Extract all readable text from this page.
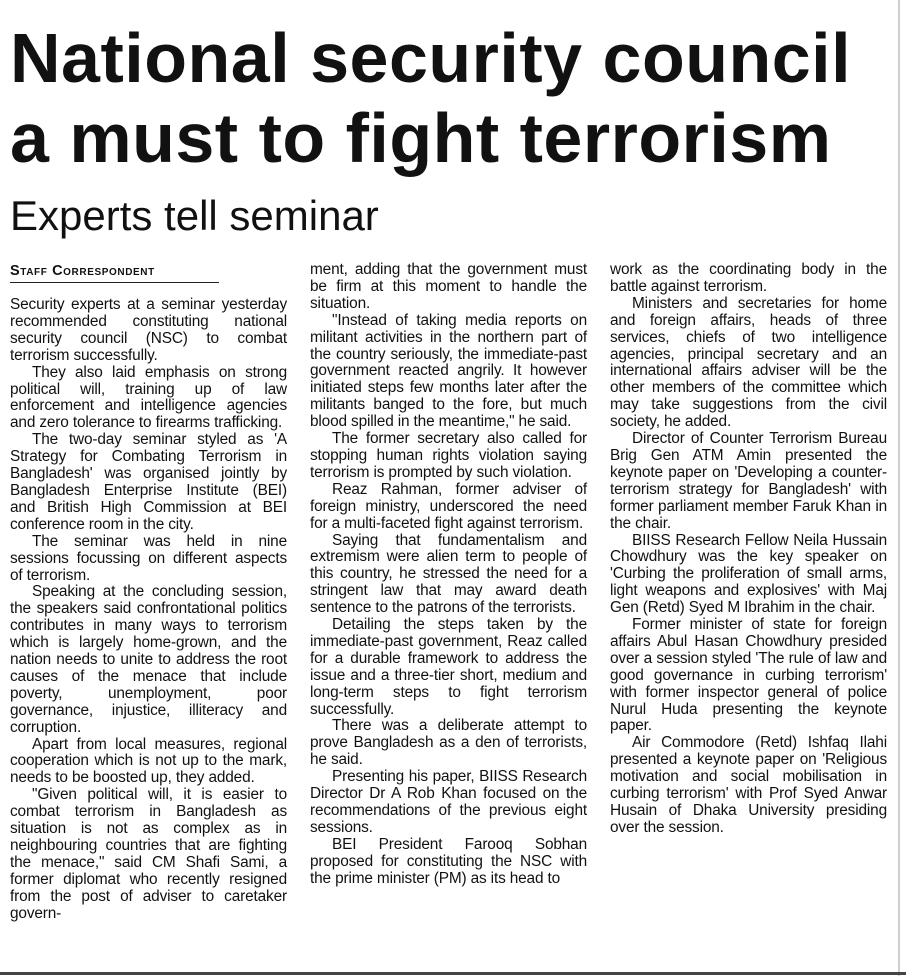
National security council
a must to fight terrorism
Experts tell seminar
Staff Correspondent

Security experts at a seminar yesterday recommended constituting national security council (NSC) to combat terrorism successfully.

They also laid emphasis on strong political will, training up of law enforcement and intelligence agencies and zero tolerance to firearms trafficking.

The two-day seminar styled as 'A Strategy for Combating Terrorism in Bangladesh' was organised jointly by Bangladesh Enterprise Institute (BEI) and British High Commission at BEI conference room in the city.

The seminar was held in nine sessions focussing on different aspects of terrorism.

Speaking at the concluding session, the speakers said confrontational politics contributes in many ways to terrorism which is largely home-grown, and the nation needs to unite to address the root causes of the menace that include poverty, unemployment, poor governance, injustice, illiteracy and corruption.

Apart from local measures, regional cooperation which is not up to the mark, needs to be boosted up, they added.

"Given political will, it is easier to combat terrorism in Bangladesh as situation is not as complex as in neighbouring countries that are fighting the menace," said CM Shafi Sami, a former diplomat who recently resigned from the post of adviser to caretaker govern-

ment, adding that the government must be firm at this moment to handle the situation.

"Instead of taking media reports on militant activities in the northern part of the country seriously, the immediate-past government reacted angrily. It however initiated steps few months later after the militants banged to the fore, but much blood spilled in the meantime," he said.

The former secretary also called for stopping human rights violation saying terrorism is prompted by such violation.

Reaz Rahman, former adviser of foreign ministry, underscored the need for a multi-faceted fight against terrorism.

Saying that fundamentalism and extremism were alien term to people of this country, he stressed the need for a stringent law that may award death sentence to the patrons of the terrorists.

Detailing the steps taken by the immediate-past government, Reaz called for a durable framework to address the issue and a three-tier short, medium and long-term steps to fight terrorism successfully.

There was a deliberate attempt to prove Bangladesh as a den of terrorists, he said.

Presenting his paper, BIISS Research Director Dr A Rob Khan focused on the recommendations of the previous eight sessions.

BEI President Farooq Sobhan proposed for constituting the NSC with the prime minister (PM) as its head to

work as the coordinating body in the battle against terrorism.

Ministers and secretaries for home and foreign affairs, heads of three services, chiefs of two intelligence agencies, principal secretary and an international affairs adviser will be the other members of the committee which may take suggestions from the civil society, he added.

Director of Counter Terrorism Bureau Brig Gen ATM Amin presented the keynote paper on 'Developing a counter-terrorism strategy for Bangladesh' with former parliament member Faruk Khan in the chair.

BIISS Research Fellow Neila Hussain Chowdhury was the key speaker on 'Curbing the proliferation of small arms, light weapons and explosives' with Maj Gen (Retd) Syed M Ibrahim in the chair.

Former minister of state for foreign affairs Abul Hasan Chowdhury presided over a session styled 'The rule of law and good governance in curbing terrorism' with former inspector general of police Nurul Huda presenting the keynote paper.

Air Commodore (Retd) Ishfaq Ilahi presented a keynote paper on 'Religious motivation and social mobilisation in curbing terrorism' with Prof Syed Anwar Husain of Dhaka University presiding over the session.
